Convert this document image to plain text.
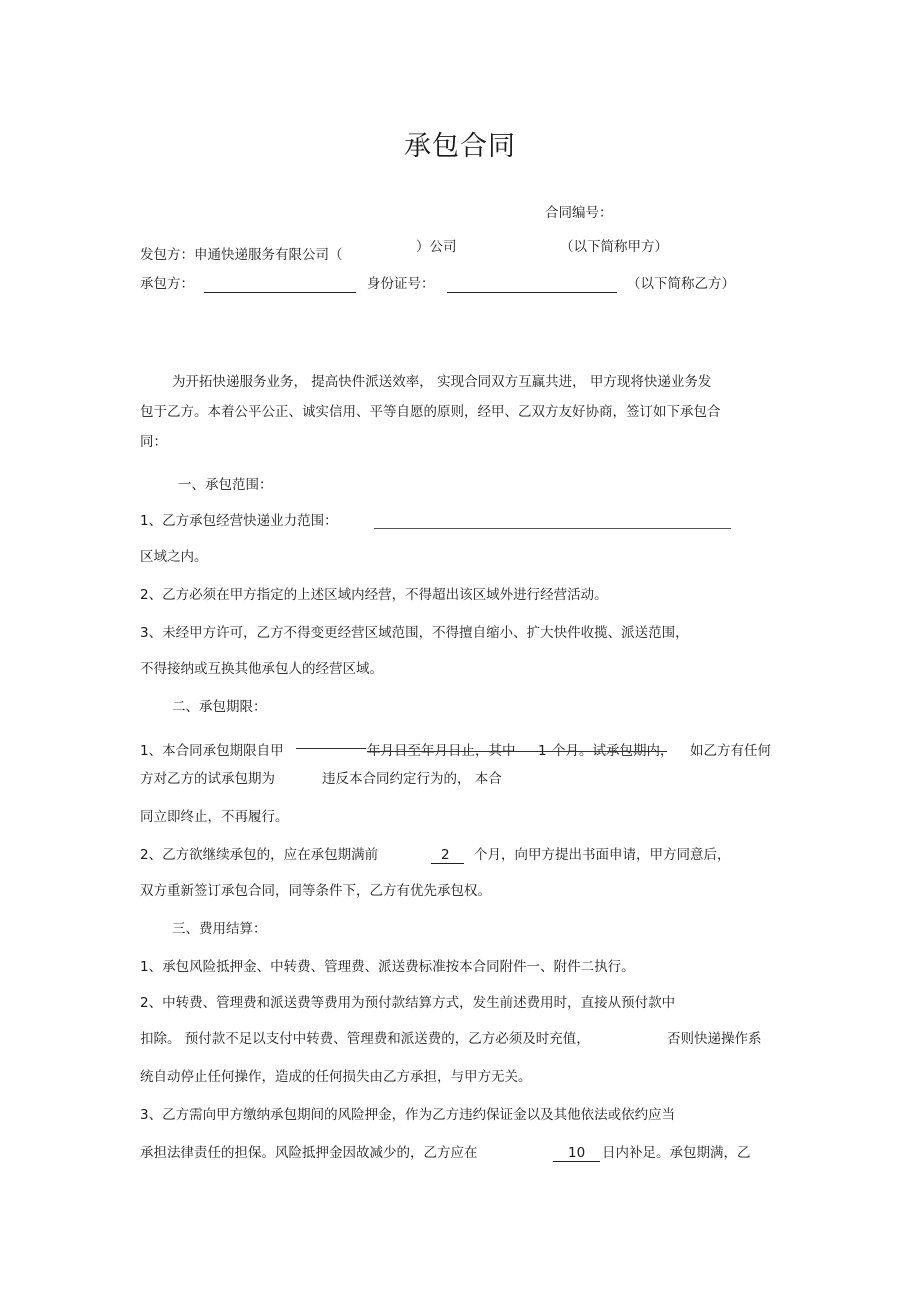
承包合同
合同编号：
发包方：申通快递服务有限公司（	）公司	（以下简称甲方）
承包方：	身份证号：	（以下简称乙方）
为开拓快递服务业务， 提高快件派送效率， 实现合同双方互赢共进， 甲方现将快递业务发
包于乙方。本着公平公正、诚实信用、平等自愿的原则，经甲、乙双方友好协商，签订如下承包合
同：
一、承包范围：
1、乙方承包经营快递业力范围：
区域之内。
2、乙方必须在甲方指定的上述区域内经营，不得超出该区域外进行经营活动。
3、未经甲方许可，乙方不得变更经营区域范围，不得擅自缩小、扩大快件收揽、派送范围，
不得接纳或互换其他承包人的经营区域。
二、承包期限：
1、本合同承包期限自甲	年月日至年月日止，其中 1 个月。试承包期内， 如乙方有任何
方对乙方的试承包期为	违反本合同约定行为的， 本合
同立即终止，不再履行。
2、乙方欲继续承包的，应在承包期满前	2 个月，向甲方提出书面申请，甲方同意后，
双方重新签订承包合同，同等条件下，乙方有优先承包权。
三、费用结算：
1、承包风险抵押金、中转费、管理费、派送费标准按本合同附件一、附件二执行。
2、中转费、管理费和派送费等费用为预付款结算方式，发生前述费用时，直接从预付款中
扣除。 预付款不足以支付中转费、管理费和派送费的，乙方必须及时充值，	否则快递操作系
统自动停止任何操作，造成的任何损失由乙方承担，与甲方无关。
3、乙方需向甲方缴纳承包期间的风险押金，作为乙方违约保证金以及其他依法或依约应当
承担法律责任的担保。风险抵押金因故减少的，乙方应在	10 日内补足。承包期满，乙
